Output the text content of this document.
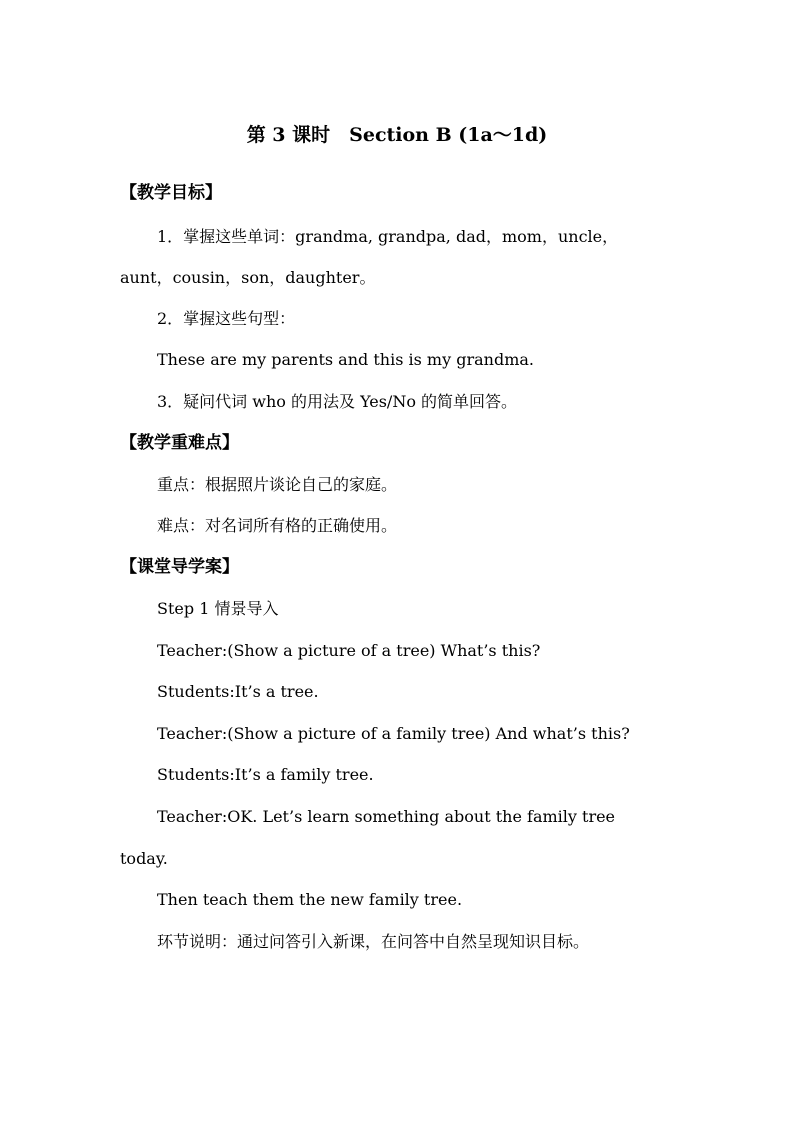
第 3 课时　Section B (1a～1d)
【教学目标】
1．掌握这些单词：grandma, grandpa, dad，mom，uncle，
aunt，cousin，son，daughter。
2．掌握这些句型：
These are my parents and this is my grandma.
3．疑问代词 who 的用法及 Yes/No 的简单回答。
【教学重难点】
重点：根据照片谈论自己的家庭。
难点：对名词所有格的正确使用。
【课堂导学案】
Step 1 情景导入
Teacher:(Show a picture of a tree) What’s this?
Students:It’s a tree.
Teacher:(Show a picture of a family tree) And what’s this?
Students:It’s a family tree.
Teacher:OK. Let’s learn something about the family tree
today.
Then teach them the new family tree.
环节说明：通过问答引入新课，在问答中自然呈现知识目标。
